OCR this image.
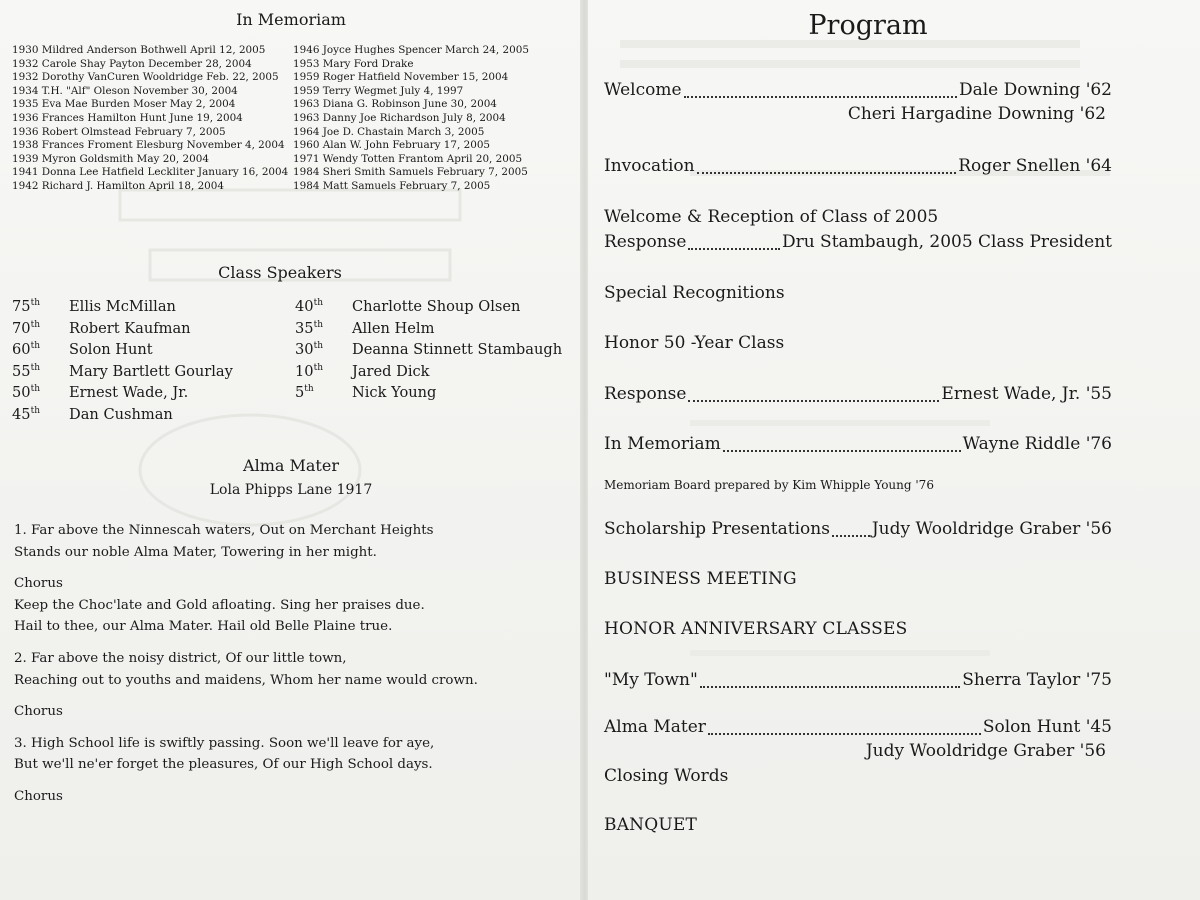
In Memoriam
1930 Mildred Anderson Bothwell April 12, 2005
1932 Carole Shay Payton December 28, 2004
1932 Dorothy VanCuren Wooldridge Feb. 22, 2005
1934 T.H. "Alf" Oleson November 30, 2004
1935 Eva Mae Burden Moser May 2, 2004
1936 Frances Hamilton Hunt June 19, 2004
1936 Robert Olmstead February 7, 2005
1938 Frances Froment Elesburg November 4, 2004
1939 Myron Goldsmith May 20, 2004
1941 Donna Lee Hatfield Leckliter January 16, 2004
1942 Richard J. Hamilton April 18, 2004
1946 Joyce Hughes Spencer March 24, 2005
1953 Mary Ford Drake
1959 Roger Hatfield November 15, 2004
1959 Terry Wegmet July 4, 1997
1963 Diana G. Robinson June 30, 2004
1963 Danny Joe Richardson July 8, 2004
1964 Joe D. Chastain March 3, 2005
1960 Alan W. John February 17, 2005
1971 Wendy Totten Frantom April 20, 2005
1984 Sheri Smith Samuels February 7, 2005
1984 Matt Samuels February 7, 2005
Class Speakers
75th	Ellis McMillan
70th	Robert Kaufman
60th	Solon Hunt
55th	Mary Bartlett Gourlay
50th	Ernest Wade, Jr.
45th	Dan Cushman
40th	Charlotte Shoup Olsen
35th	Allen Helm
30th	Deanna Stinnett Stambaugh
10th	Jared Dick
5th	Nick Young
Alma Mater
Lola Phipps Lane 1917
1. Far above the Ninnescah waters, Out on Merchant Heights
Stands our noble Alma Mater, Towering in her might.
Chorus
Keep the Choc'late and Gold afloating. Sing her praises due.
Hail to thee, our Alma Mater. Hail old Belle Plaine true.
2. Far above the noisy district, Of our little town,
Reaching out to youths and maidens, Whom her name would crown.
Chorus
3. High School life is swiftly passing. Soon we'll leave for aye,
But we'll ne'er forget the pleasures, Of our High School days.
Chorus
Program
Welcome	Dale Downing '62
Cheri Hargadine Downing '62
Invocation	Roger Snellen '64
Welcome & Reception of Class of 2005
Response	Dru Stambaugh, 2005 Class President
Special Recognitions
Honor 50 -Year Class
Response	Ernest Wade, Jr. '55
In Memoriam	Wayne Riddle '76
Memoriam Board prepared by Kim Whipple Young '76
Scholarship Presentations Judy Wooldridge Graber '56
BUSINESS MEETING
HONOR ANNIVERSARY CLASSES
"My Town"	Sherra Taylor '75
Alma Mater	Solon Hunt '45
Judy Wooldridge Graber '56
Closing Words
BANQUET
